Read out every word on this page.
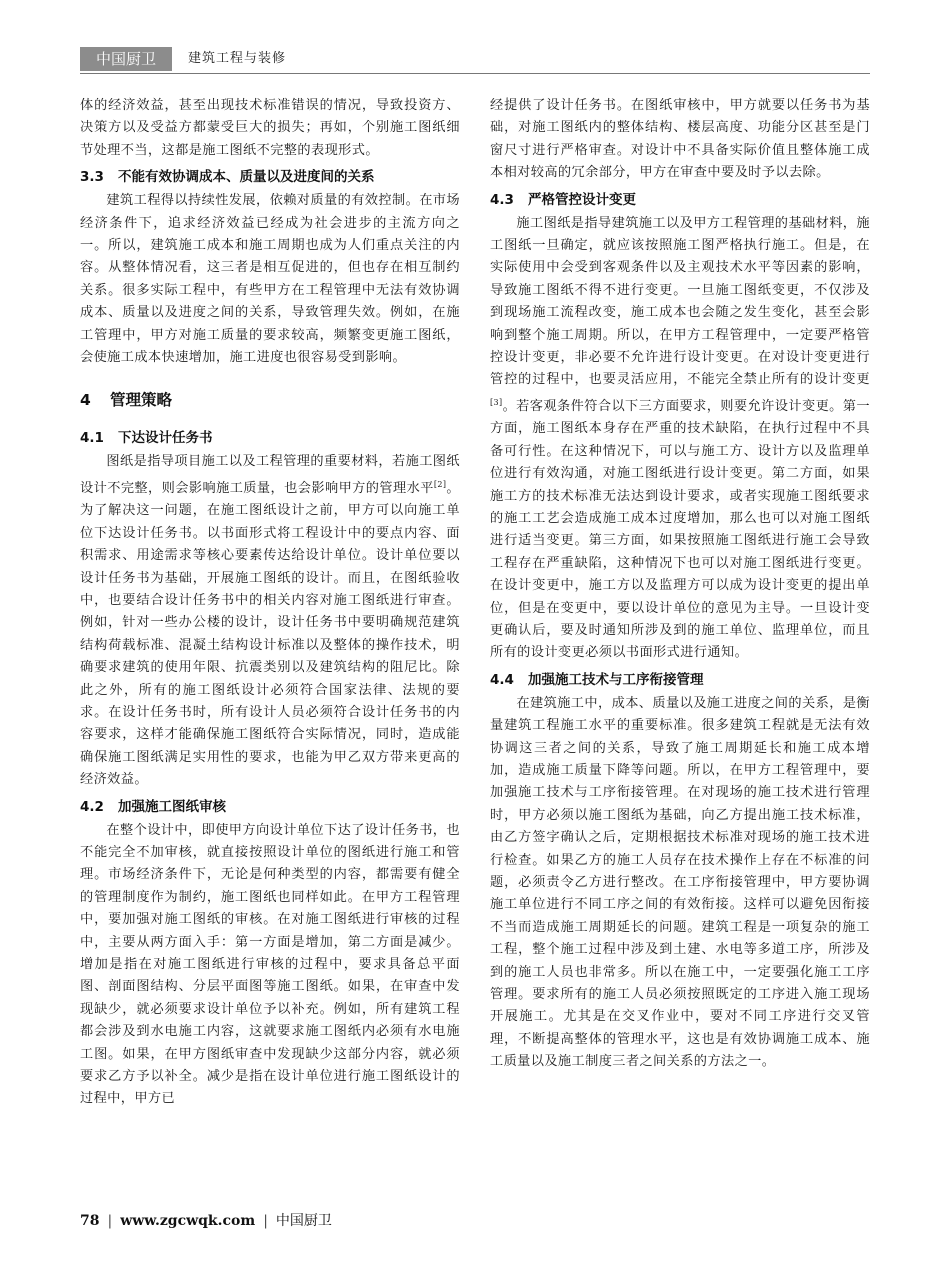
中国厨卫	建筑工程与装修

体的经济效益，甚至出现技术标准错误的情况，导致投资方、决策方以及受益方都蒙受巨大的损失；再如，个别施工图纸细节处理不当，这都是施工图纸不完整的表现形式。

3.3 不能有效协调成本、质量以及进度间的关系

建筑工程得以持续性发展，依赖对质量的有效控制。在市场经济条件下，追求经济效益已经成为社会进步的主流方向之一。所以，建筑施工成本和施工周期也成为人们重点关注的内容。从整体情况看，这三者是相互促进的，但也存在相互制约关系。很多实际工程中，有些甲方在工程管理中无法有效协调成本、质量以及进度之间的关系，导致管理失效。例如，在施工管理中，甲方对施工质量的要求较高，频繁变更施工图纸，会使施工成本快速增加，施工进度也很容易受到影响。

4 管理策略
4.1 下达设计任务书

图纸是指导项目施工以及工程管理的重要材料，若施工图纸设计不完整，则会影响施工质量，也会影响甲方的管理水平[2]。为了解决这一问题，在施工图纸设计之前，甲方可以向施工单位下达设计任务书。以书面形式将工程设计中的要点内容、面积需求、用途需求等核心要素传达给设计单位。设计单位要以设计任务书为基础，开展施工图纸的设计。而且，在图纸验收中，也要结合设计任务书中的相关内容对施工图纸进行审查。例如，针对一些办公楼的设计，设计任务书中要明确规范建筑结构荷载标准、混凝土结构设计标准以及整体的操作技术，明确要求建筑的使用年限、抗震类别以及建筑结构的阻尼比。除此之外，所有的施工图纸设计必须符合国家法律、法规的要求。在设计任务书时，所有设计人员必须符合设计任务书的内容要求，这样才能确保施工图纸符合实际情况，同时，造成能确保施工图纸满足实用性的要求，也能为甲乙双方带来更高的经济效益。

4.2 加强施工图纸审核

在整个设计中，即使甲方向设计单位下达了设计任务书，也不能完全不加审核，就直接按照设计单位的图纸进行施工和管理。市场经济条件下，无论是何种类型的内容，都需要有健全的管理制度作为制约，施工图纸也同样如此。在甲方工程管理中，要加强对施工图纸的审核。在对施工图纸进行审核的过程中，主要从两方面入手：第一方面是增加，第二方面是减少。增加是指在对施工图纸进行审核的过程中，要求具备总平面图、剖面图结构、分层平面图等施工图纸。如果，在审查中发现缺少，就必须要求设计单位予以补充。例如，所有建筑工程都会涉及到水电施工内容，这就要求施工图纸内必须有水电施工图。如果，在甲方图纸审查中发现缺少这部分内容，就必须要求乙方予以补全。减少是指在设计单位进行施工图纸设计的过程中，甲方已

经提供了设计任务书。在图纸审核中，甲方就要以任务书为基础，对施工图纸内的整体结构、楼层高度、功能分区甚至是门窗尺寸进行严格审查。对设计中不具备实际价值且整体施工成本相对较高的冗余部分，甲方在审查中要及时予以去除。

4.3 严格管控设计变更

施工图纸是指导建筑施工以及甲方工程管理的基础材料，施工图纸一旦确定，就应该按照施工图严格执行施工。但是，在实际使用中会受到客观条件以及主观技术水平等因素的影响，导致施工图纸不得不进行变更。一旦施工图纸变更，不仅涉及到现场施工流程改变，施工成本也会随之发生变化，甚至会影响到整个施工周期。所以，在甲方工程管理中，一定要严格管控设计变更，非必要不允许进行设计变更。在对设计变更进行管控的过程中，也要灵活应用，不能完全禁止所有的设计变更[3]。若客观条件符合以下三方面要求，则要允许设计变更。第一方面，施工图纸本身存在严重的技术缺陷，在执行过程中不具备可行性。在这种情况下，可以与施工方、设计方以及监理单位进行有效沟通，对施工图纸进行设计变更。第二方面，如果施工方的技术标准无法达到设计要求，或者实现施工图纸要求的施工工艺会造成施工成本过度增加，那么也可以对施工图纸进行适当变更。第三方面，如果按照施工图纸进行施工会导致工程存在严重缺陷，这种情况下也可以对施工图纸进行变更。在设计变更中，施工方以及监理方可以成为设计变更的提出单位，但是在变更中，要以设计单位的意见为主导。一旦设计变更确认后，要及时通知所涉及到的施工单位、监理单位，而且所有的设计变更必须以书面形式进行通知。

4.4 加强施工技术与工序衔接管理

在建筑施工中，成本、质量以及施工进度之间的关系，是衡量建筑工程施工水平的重要标准。很多建筑工程就是无法有效协调这三者之间的关系，导致了施工周期延长和施工成本增加，造成施工质量下降等问题。所以，在甲方工程管理中，要加强施工技术与工序衔接管理。在对现场的施工技术进行管理时，甲方必须以施工图纸为基础，向乙方提出施工技术标准，由乙方签字确认之后，定期根据技术标准对现场的施工技术进行检查。如果乙方的施工人员存在技术操作上存在不标准的问题，必须责令乙方进行整改。在工序衔接管理中，甲方要协调施工单位进行不同工序之间的有效衔接。这样可以避免因衔接不当而造成施工周期延长的问题。建筑工程是一项复杂的施工工程，整个施工过程中涉及到土建、水电等多道工序，所涉及到的施工人员也非常多。所以在施工中，一定要强化施工工序管理。要求所有的施工人员必须按照既定的工序进入施工现场开展施工。尤其是在交叉作业中，要对不同工序进行交叉管理，不断提高整体的管理水平，这也是有效协调施工成本、施工质量以及施工制度三者之间关系的方法之一。

78 | www.zgcwqk.com | 中国厨卫
